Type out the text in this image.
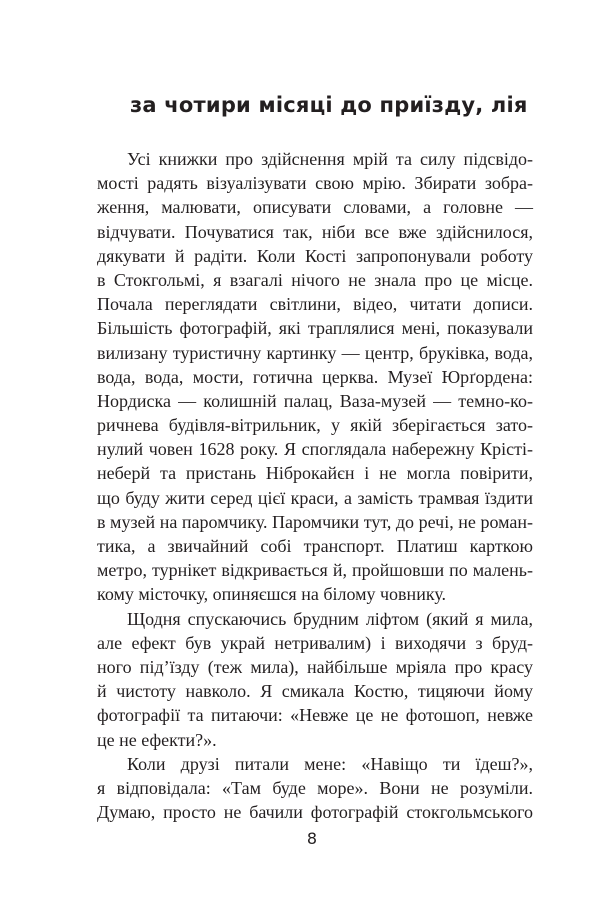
за чотири місяці до приїзду, лія
Усі книжки про здійснення мрій та силу підсвідо-
мості радять візуалізувати свою мрію. Збирати зобра-
ження, малювати, описувати словами, а головне —
відчувати. Почуватися так, ніби все вже здійснилося,
дякувати й радіти. Коли Кості запропонували роботу
в Стокгольмі, я взагалі нічого не знала про це місце.
Почала переглядати світлини, відео, читати дописи.
Більшість фотографій, які траплялися мені, показували
вилизану туристичну картинку — центр, бруківка, вода,
вода, вода, мости, готична церква. Музеї Юрґордена:
Нордиска — колишній палац, Ваза-музей — темно-ко-
ричнева будівля-вітрильник, у якій зберігається зато-
нулий човен 1628 року. Я споглядала набережну Крісті-
неберй та пристань Нiброкайєн і не могла повірити,
що буду жити серед цієї краси, а замість трамвая їздити
в музей на паромчику. Паромчики тут, до речі, не роман-
тика, а звичайний собі транспорт. Платиш карткою
метро, турнікет відкривається й, пройшовши по малень-
кому місточку, опиняєшся на білому човнику.
Щодня спускаючись брудним ліфтом (який я мила,
але ефект був украй нетривалим) і виходячи з бруд-
ного під’їзду (теж мила), найбільше мріяла про красу
й чистоту навколо. Я смикала Костю, тицяючи йому
фотографії та питаючи: «Невже це не фотошоп, невже
це не ефекти?».
Коли друзі питали мене: «Навіщо ти їдеш?»,
я відповідала: «Там буде море». Вони не розуміли.
Думаю, просто не бачили фотографій стокгольмського
8
